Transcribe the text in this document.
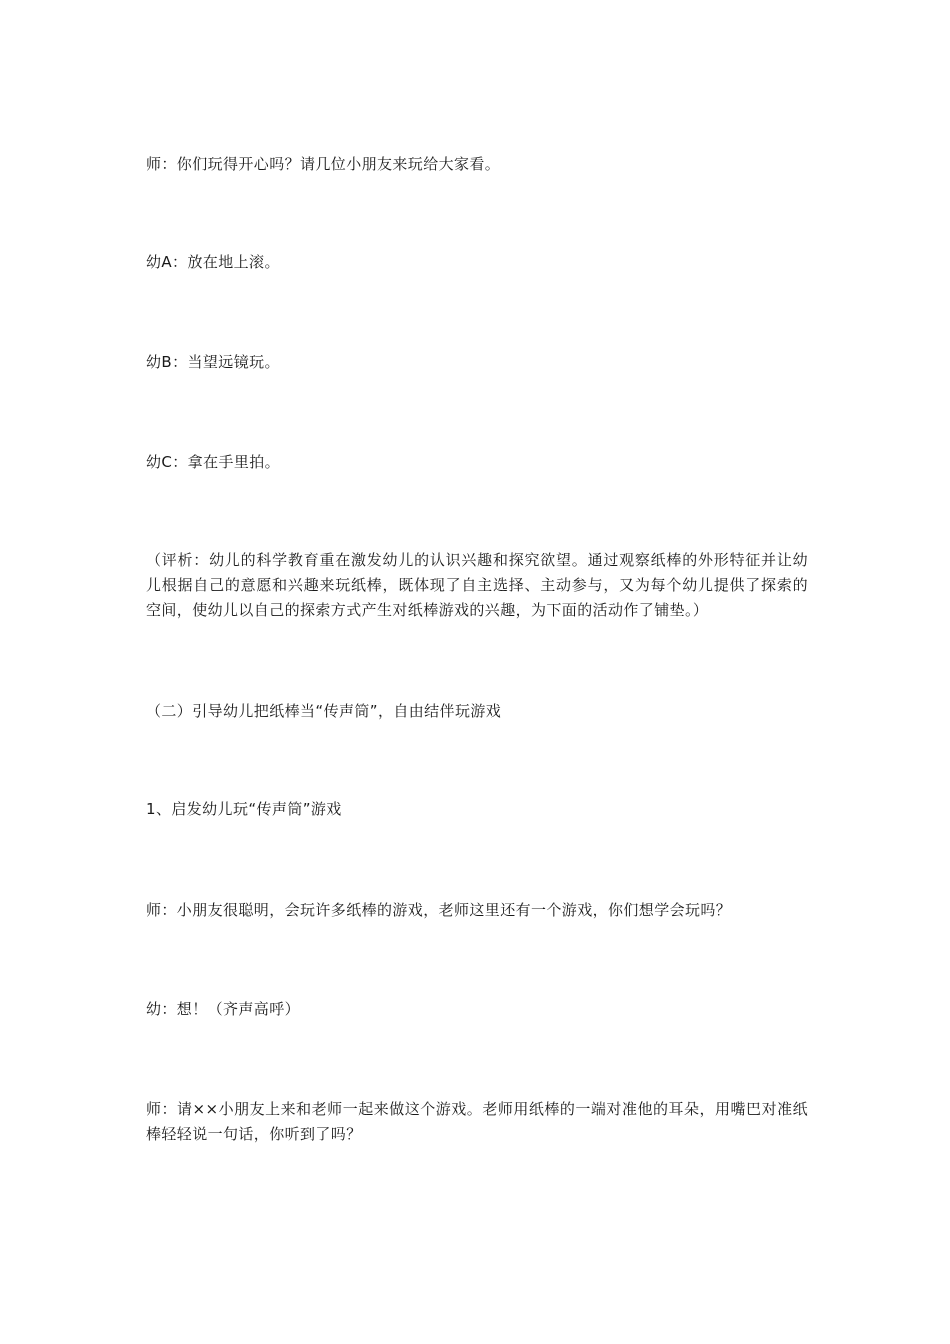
师：你们玩得开心吗？请几位小朋友来玩给大家看。

幼A：放在地上滚。

幼B：当望远镜玩。

幼C：拿在手里拍。

（评析：幼儿的科学教育重在激发幼儿的认识兴趣和探究欲望。通过观察纸棒的外形特征并让幼儿根据自己的意愿和兴趣来玩纸棒，既体现了自主选择、主动参与，又为每个幼儿提供了探索的空间，使幼儿以自己的探索方式产生对纸棒游戏的兴趣，为下面的活动作了铺垫。）

（二）引导幼儿把纸棒当“传声筒”，自由结伴玩游戏

1、启发幼儿玩“传声筒”游戏

师：小朋友很聪明，会玩许多纸棒的游戏，老师这里还有一个游戏，你们想学会玩吗？

幼：想！（齐声高呼）

师：请××小朋友上来和老师一起来做这个游戏。老师用纸棒的一端对准他的耳朵，用嘴巴对准纸棒轻轻说一句话，你听到了吗？
